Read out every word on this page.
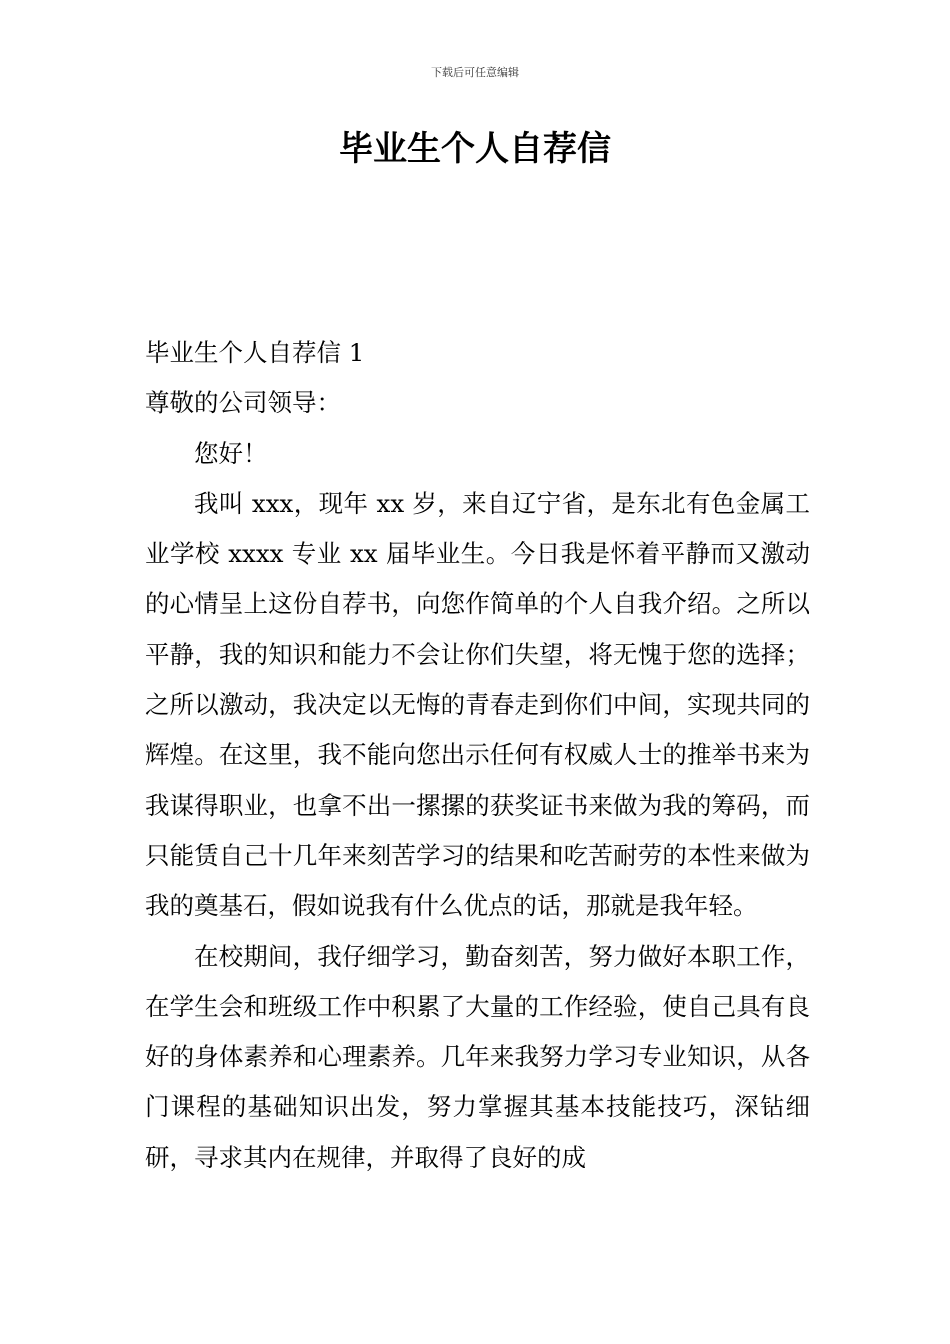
下载后可任意编辑
毕业生个人自荐信

毕业生个人自荐信 1

尊敬的公司领导：

您好！

我叫 xxx，现年 xx 岁，来自辽宁省，是东北有色金属工业学校 xxxx 专业 xx 届毕业生。今日我是怀着平静而又激动的心情呈上这份自荐书，向您作简单的个人自我介绍。之所以平静，我的知识和能力不会让你们失望，将无愧于您的选择；之所以激动，我决定以无悔的青春走到你们中间，实现共同的辉煌。在这里，我不能向您出示任何有权威人士的推举书来为我谋得职业，也拿不出一摞摞的获奖证书来做为我的筹码，而只能赁自己十几年来刻苦学习的结果和吃苦耐劳的本性来做为我的奠基石，假如说我有什么优点的话，那就是我年轻。

在校期间，我仔细学习，勤奋刻苦，努力做好本职工作，在学生会和班级工作中积累了大量的工作经验，使自己具有良好的身体素养和心理素养。几年来我努力学习专业知识，从各门课程的基础知识出发，努力掌握其基本技能技巧，深钻细研，寻求其内在规律，并取得了良好的成
